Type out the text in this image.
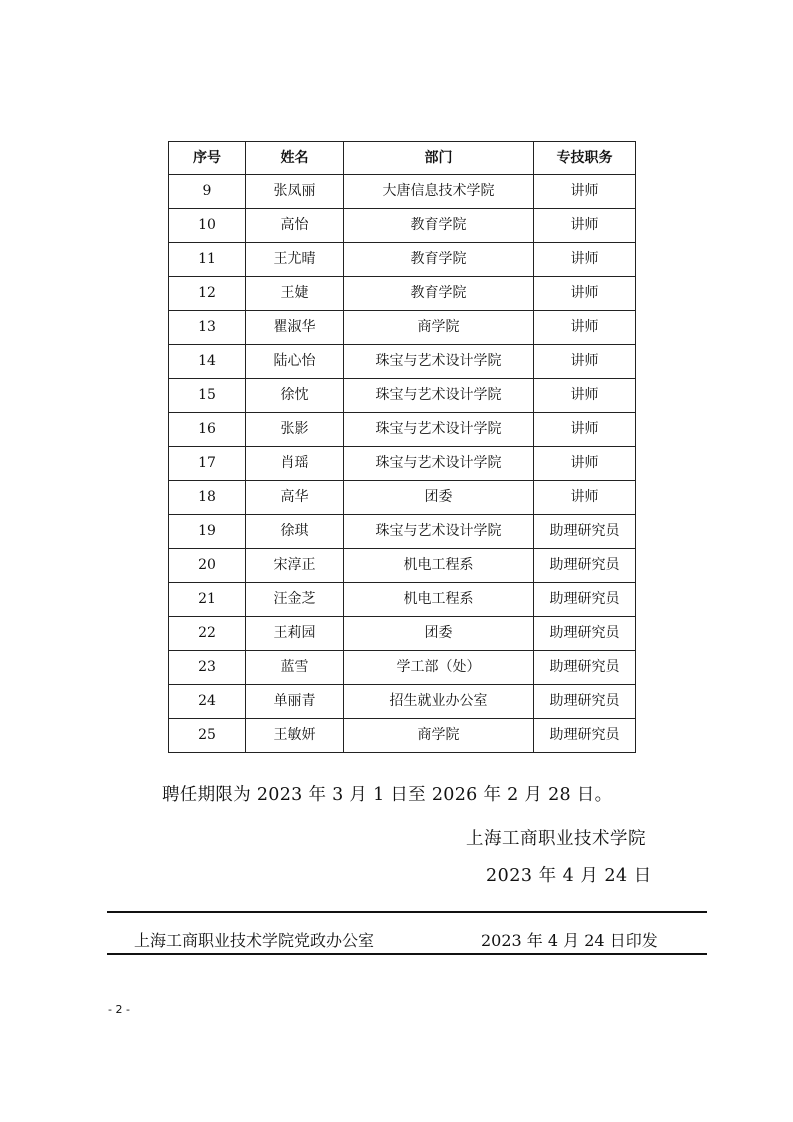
序号	姓名	部门	专技职务
9	张凤丽	大唐信息技术学院	讲师
10	高怡	教育学院	讲师
11	王尤晴	教育学院	讲师
12	王婕	教育学院	讲师
13	瞿淑华	商学院	讲师
14	陆心怡	珠宝与艺术设计学院	讲师
15	徐忱	珠宝与艺术设计学院	讲师
16	张影	珠宝与艺术设计学院	讲师
17	肖瑶	珠宝与艺术设计学院	讲师
18	高华	团委	讲师
19	徐琪	珠宝与艺术设计学院	助理研究员
20	宋淳正	机电工程系	助理研究员
21	汪金芝	机电工程系	助理研究员
22	王莉园	团委	助理研究员
23	蓝雪	学工部（处）	助理研究员
24	单丽青	招生就业办公室	助理研究员
25	王敏妍	商学院	助理研究员
聘任期限为 2023 年 3 月 1 日至 2026 年 2 月 28 日。
上海工商职业技术学院
2023 年 4 月 24 日
上海工商职业技术学院党政办公室	2023 年 4 月 24 日印发
- 2 -
